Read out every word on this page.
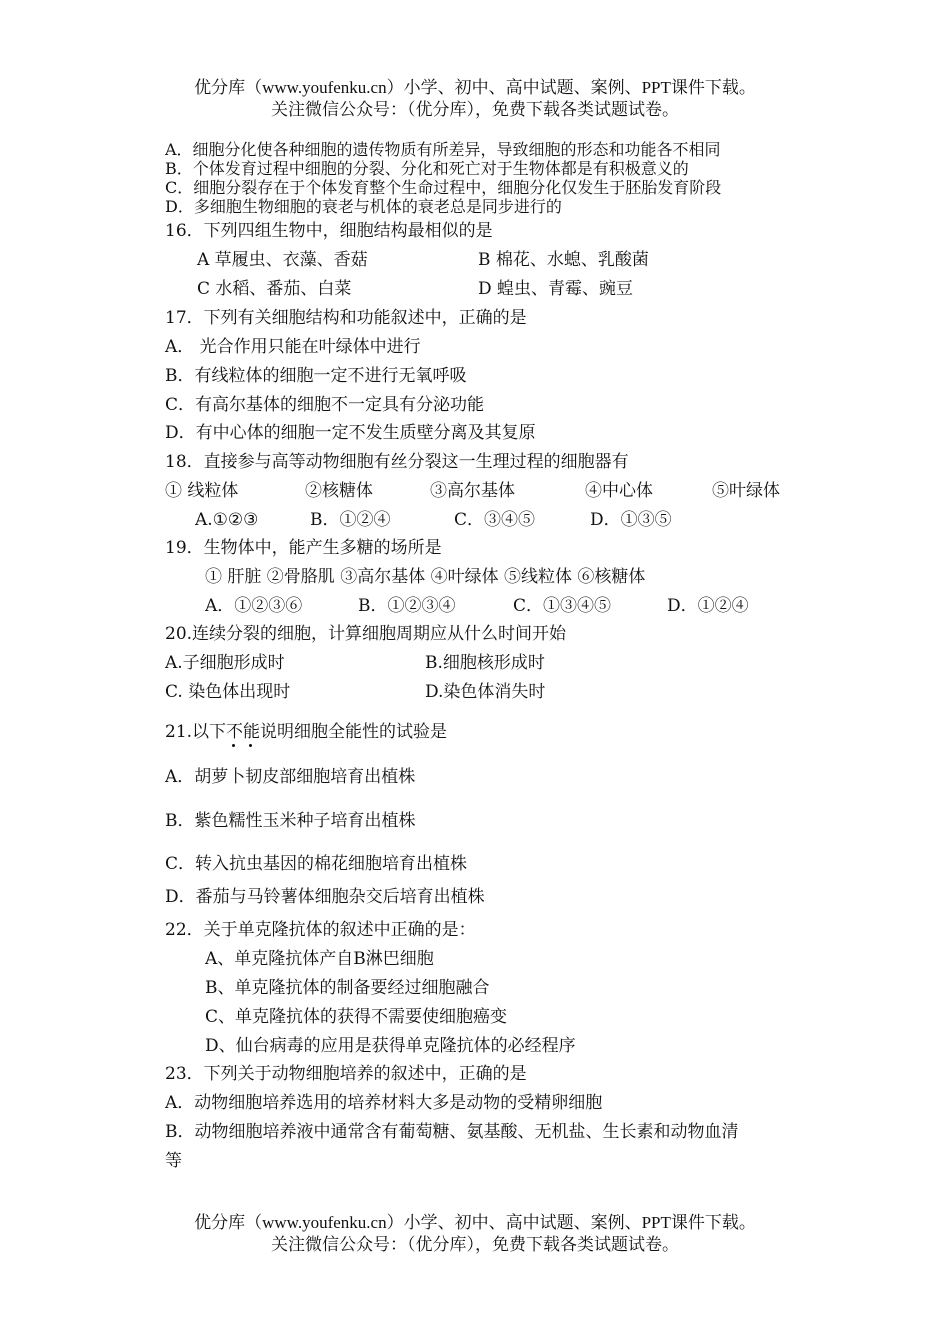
优分库（www.youfenku.cn）小学、初中、高中试题、案例、PPT课件下载。
关注微信公众号：（优分库），免费下载各类试题试卷。
A．细胞分化使各种细胞的遗传物质有所差异，导致细胞的形态和功能各不相同
B．个体发育过程中细胞的分裂、分化和死亡对于生物体都是有积极意义的
C．细胞分裂存在于个体发育整个生命过程中，细胞分化仅发生于胚胎发育阶段
D．多细胞生物细胞的衰老与机体的衰老总是同步进行的
16．下列四组生物中，细胞结构最相似的是
A 草履虫、衣藻、香菇	B 棉花、水螅、乳酸菌
C 水稻、番茄、白菜	D 蝗虫、青霉、豌豆
17．下列有关细胞结构和功能叙述中，正确的是
A． 光合作用只能在叶绿体中进行
B．有线粒体的细胞一定不进行无氧呼吸
C．有高尔基体的细胞不一定具有分泌功能
D．有中心体的细胞一定不发生质壁分离及其复原
18．直接参与高等动物细胞有丝分裂这一生理过程的细胞器有
① 线粒体	②核糖体	③高尔基体	④中心体	⑤叶绿体
A.①②③	B．①②④	C．③④⑤	D．①③⑤
19．生物体中，能产生多糖的场所是
① 肝脏 ②骨胳肌 ③高尔基体 ④叶绿体 ⑤线粒体 ⑥核糖体
A．①②③⑥	B．①②③④	C．①③④⑤	D．①②④
20.连续分裂的细胞，计算细胞周期应从什么时间开始
A.子细胞形成时	B.细胞核形成时
C. 染色体出现时	D.染色体消失时
21.以下不能
说明细胞全能性的试验是
A．胡萝卜韧皮部细胞培育出植株
B．紫色糯性玉米种子培育出植株
C．转入抗虫基因的棉花细胞培育出植株
D．番茄与马铃薯体细胞杂交后培育出植株
22．关于单克隆抗体的叙述中正确的是：
A、单克隆抗体产自B淋巴细胞
B、单克隆抗体的制备要经过细胞融合
C、单克隆抗体的获得不需要使细胞癌变
D、仙台病毒的应用是获得单克隆抗体的必经程序
23．下列关于动物细胞培养的叙述中，正确的是
A．动物细胞培养选用的培养材料大多是动物的受精卵细胞
B．动物细胞培养液中通常含有葡萄糖、氨基酸、无机盐、生长素和动物血清
等
优分库（www.youfenku.cn）小学、初中、高中试题、案例、PPT课件下载。
关注微信公众号：（优分库），免费下载各类试题试卷。
